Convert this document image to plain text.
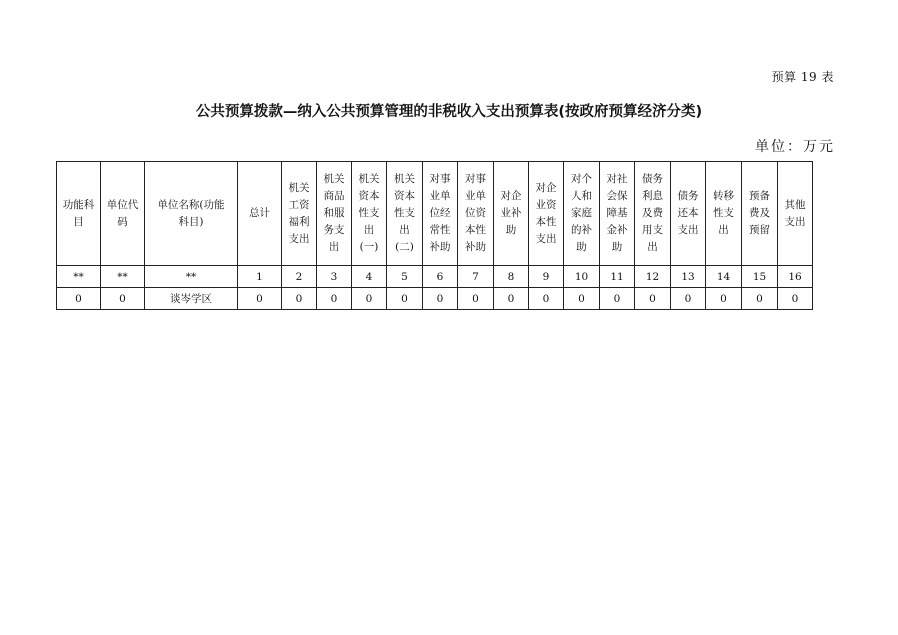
预算 19 表
公共预算拨款—纳入公共预算管理的非税收入支出预算表(按政府预算经济分类)
单位：万元
功能科目	单位代码	单位名称(功能科目)	总计	机关工资福利支出	机关商品和服务支出	机关资本性支出(一)	机关资本性支出(二)	对事业单位经常性补助	对事业单位资本性补助	对企业补助	对企业资本性支出	对个人和家庭的补助	对社会保障基金补助	债务利息及费用支出	债务还本支出	转移性支出	预备费及预留	其他支出
**	**	**	1	2	3	4	5	6	7	8	9	10	11	12	13	14	15	16
0	0	谈岑学区	0	0	0	0	0	0	0	0	0	0	0	0	0	0	0	0
